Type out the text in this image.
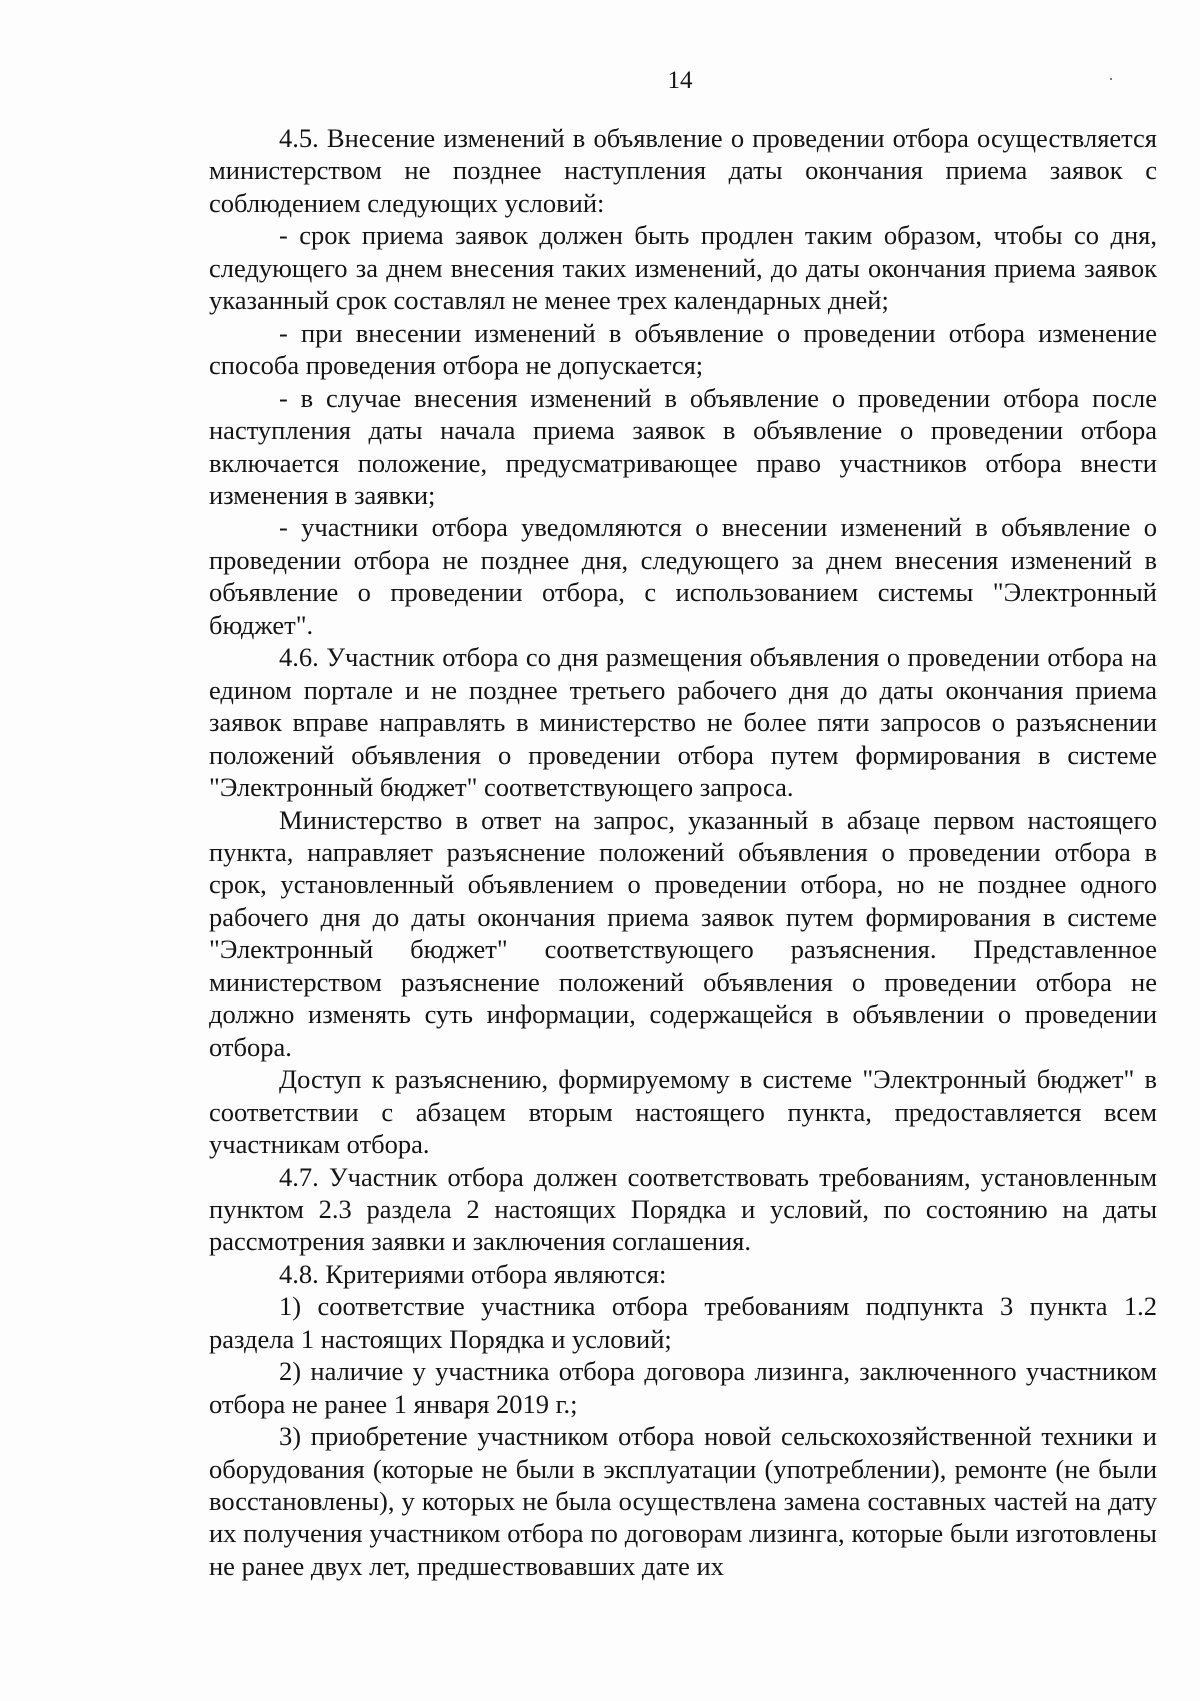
14

4.5. Внесение изменений в объявление о проведении отбора осуществляется министерством не позднее наступления даты окончания приема заявок с соблюдением следующих условий:

- срок приема заявок должен быть продлен таким образом, чтобы со дня, следующего за днем внесения таких изменений, до даты окончания приема заявок указанный срок составлял не менее трех календарных дней;

- при внесении изменений в объявление о проведении отбора изменение способа проведения отбора не допускается;

- в случае внесения изменений в объявление о проведении отбора после наступления даты начала приема заявок в объявление о проведении отбора включается положение, предусматривающее право участников отбора внести изменения в заявки;

- участники отбора уведомляются о внесении изменений в объявление о проведении отбора не позднее дня, следующего за днем внесения изменений в объявление о проведении отбора, с использованием системы "Электронный бюджет".

4.6. Участник отбора со дня размещения объявления о проведении отбора на едином портале и не позднее третьего рабочего дня до даты окончания приема заявок вправе направлять в министерство не более пяти запросов о разъяснении положений объявления о проведении отбора путем формирования в системе "Электронный бюджет" соответствующего запроса.

Министерство в ответ на запрос, указанный в абзаце первом настоящего пункта, направляет разъяснение положений объявления о проведении отбора в срок, установленный объявлением о проведении отбора, но не позднее одного рабочего дня до даты окончания приема заявок путем формирования в системе "Электронный бюджет" соответствующего разъяснения. Представленное министерством разъяснение положений объявления о проведении отбора не должно изменять суть информации, содержащейся в объявлении о проведении отбора.

Доступ к разъяснению, формируемому в системе "Электронный бюджет" в соответствии с абзацем вторым настоящего пункта, предоставляется всем участникам отбора.

4.7. Участник отбора должен соответствовать требованиям, установленным пунктом 2.3 раздела 2 настоящих Порядка и условий, по состоянию на даты рассмотрения заявки и заключения соглашения.

4.8. Критериями отбора являются:

1) соответствие участника отбора требованиям подпункта 3 пункта 1.2 раздела 1 настоящих Порядка и условий;

2) наличие у участника отбора договора лизинга, заключенного участником отбора не ранее 1 января 2019 г.;

3) приобретение участником отбора новой сельскохозяйственной техники и оборудования (которые не были в эксплуатации (употреблении), ремонте (не были восстановлены), у которых не была осуществлена замена составных частей на дату их получения участником отбора по договорам лизинга, которые были изготовлены не ранее двух лет, предшествовавших дате их
